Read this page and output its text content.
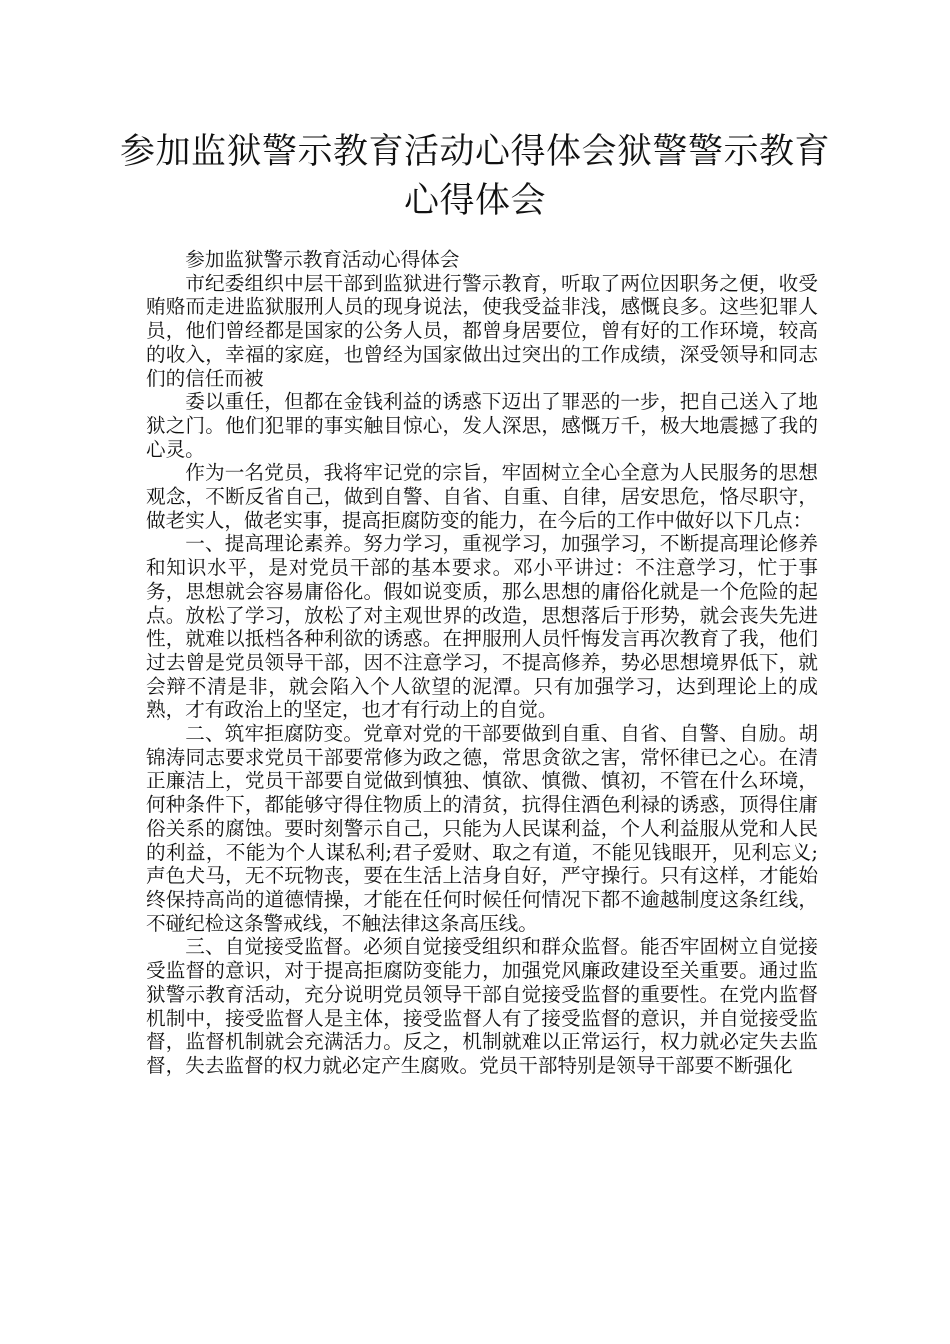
参加监狱警示教育活动心得体会狱警警示教育心得体会

参加监狱警示教育活动心得体会

市纪委组织中层干部到监狱进行警示教育，听取了两位因职务之便，收受贿赂而走进监狱服刑人员的现身说法，使我受益非浅，感慨良多。这些犯罪人员，他们曾经都是国家的公务人员，都曾身居要位，曾有好的工作环境，较高的收入，幸福的家庭，也曾经为国家做出过突出的工作成绩，深受领导和同志们的信任而被

委以重任，但都在金钱利益的诱惑下迈出了罪恶的一步，把自己送入了地狱之门。他们犯罪的事实触目惊心，发人深思，感慨万千，极大地震撼了我的心灵。

作为一名党员，我将牢记党的宗旨，牢固树立全心全意为人民服务的思想观念，不断反省自己，做到自警、自省、自重、自律，居安思危，恪尽职守，做老实人，做老实事，提高拒腐防变的能力，在今后的工作中做好以下几点：

一、提高理论素养。努力学习，重视学习，加强学习，不断提高理论修养和知识水平，是对党员干部的基本要求。邓小平讲过：不注意学习，忙于事务，思想就会容易庸俗化。假如说变质，那么思想的庸俗化就是一个危险的起点。放松了学习，放松了对主观世界的改造，思想落后于形势，就会丧失先进性，就难以抵档各种利欲的诱惑。在押服刑人员忏悔发言再次教育了我，他们过去曾是党员领导干部，因不注意学习，不提高修养，势必思想境界低下，就会辩不清是非，就会陷入个人欲望的泥潭。只有加强学习，达到理论上的成熟，才有政治上的坚定，也才有行动上的自觉。

二、筑牢拒腐防变。党章对党的干部要做到自重、自省、自警、自励。胡锦涛同志要求党员干部要常修为政之德，常思贪欲之害，常怀律已之心。在清正廉洁上，党员干部要自觉做到慎独、慎欲、慎微、慎初，不管在什么环境，何种条件下，都能够守得住物质上的清贫，抗得住酒色利禄的诱惑，顶得住庸俗关系的腐蚀。要时刻警示自己，只能为人民谋利益，个人利益服从党和人民的利益，不能为个人谋私利;君子爱财、取之有道，不能见钱眼开，见利忘义;声色犬马，无不玩物丧，要在生活上洁身自好，严守操行。只有这样，才能始终保持高尚的道德情操，才能在任何时候任何情况下都不逾越制度这条红线，不碰纪检这条警戒线，不触法律这条高压线。

三、自觉接受监督。必须自觉接受组织和群众监督。能否牢固树立自觉接受监督的意识，对于提高拒腐防变能力，加强党风廉政建设至关重要。通过监狱警示教育活动，充分说明党员领导干部自觉接受监督的重要性。在党内监督机制中，接受监督人是主体，接受监督人有了接受监督的意识，并自觉接受监督，监督机制就会充满活力。反之，机制就难以正常运行，权力就必定失去监督，失去监督的权力就必定产生腐败。党员干部特别是领导干部要不断强化
